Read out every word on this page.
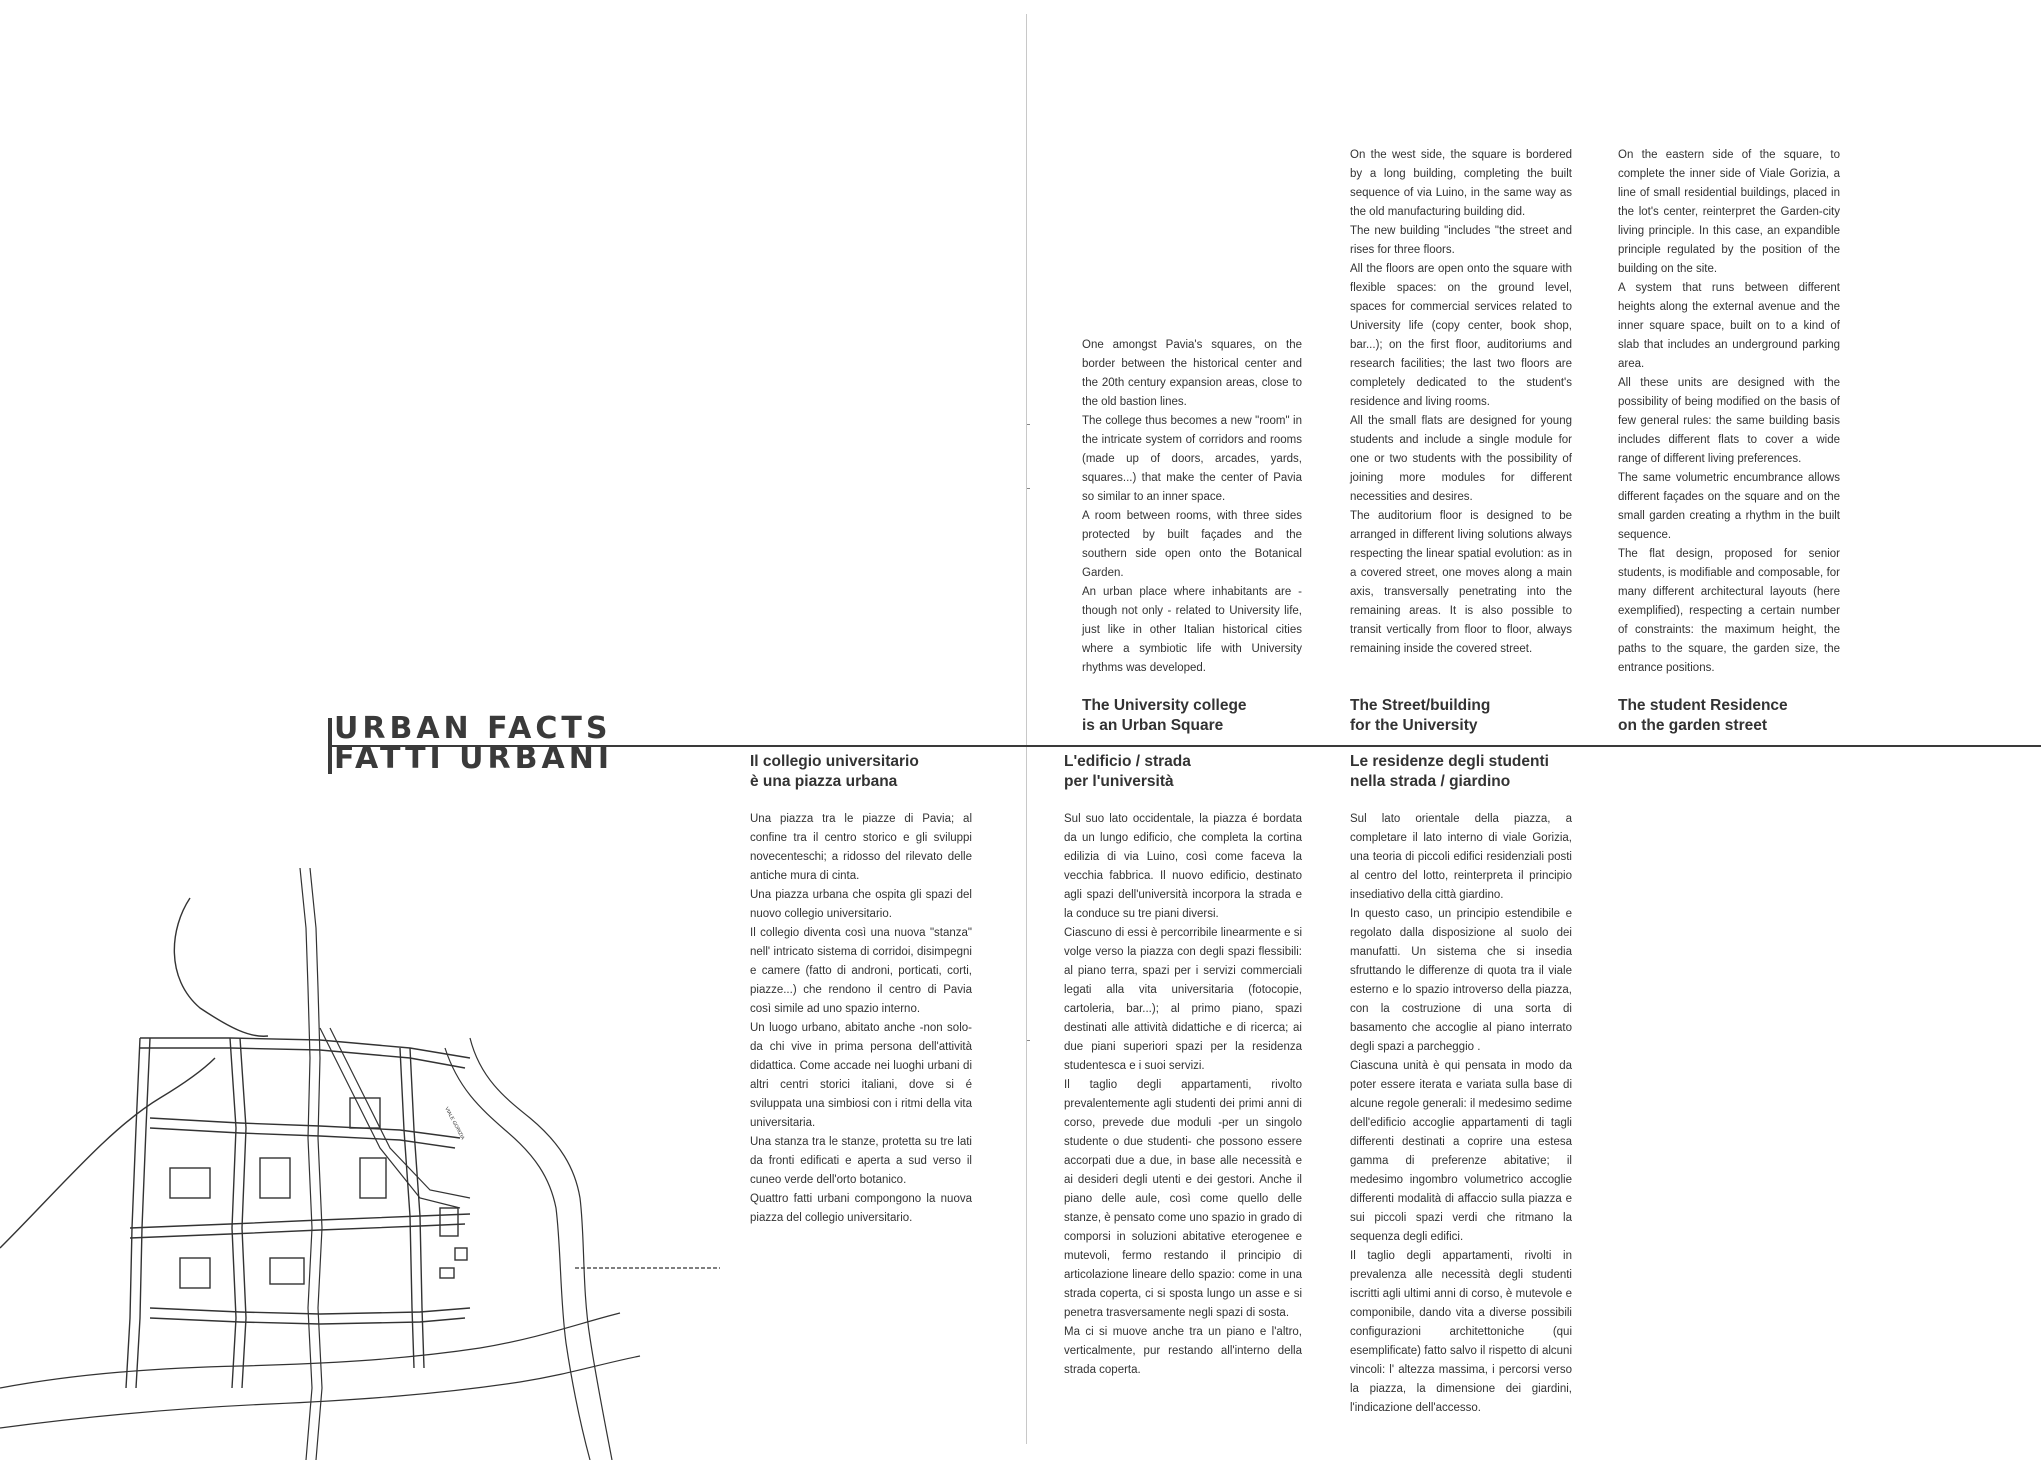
URBAN FACTS
FATTI URBANI

One amongst Pavia's squares, on the border between the historical center and the 20th century expansion areas, close to the old bastion lines.

The college thus becomes a new "room" in the intricate system of corridors and rooms (made up of doors, arcades, yards, squares...) that make the center of Pavia so similar to an inner space.

A room between rooms, with three sides protected by built façades and the southern side open onto the Botanical Garden.

An urban place where inhabitants are - though not only - related to University life, just like in other Italian historical cities where a symbiotic life with University rhythms was developed.

The University college
is an Urban Square

On the west side, the square is bordered by a long building, completing the built sequence of via Luino, in the same way as the old manufacturing building did.

The new building "includes "the street and rises for three floors.

All the floors are open onto the square with flexible spaces: on the ground level, spaces for commercial services related to University life (copy center, book shop, bar...); on the first floor, auditoriums and research facilities; the last two floors are completely dedicated to the student's residence and living rooms.

All the small flats are designed for young students and include a single module for one or two students with the possibility of joining more modules for different necessities and desires.

The auditorium floor is designed to be arranged in different living solutions always respecting the linear spatial evolution: as in a covered street, one moves along a main axis, transversally penetrating into the remaining areas. It is also possible to transit vertically from floor to floor, always remaining inside the covered street.

The Street/building
for the University

On the eastern side of the square, to complete the inner side of Viale Gorizia, a line of small residential buildings, placed in the lot's center, reinterpret the Garden-city living principle. In this case, an expandible principle regulated by the position of the building on the site.

A system that runs between different heights along the external avenue and the inner square space, built on to a kind of slab that includes an underground parking area.

All these units are designed with the possibility of being modified on the basis of few general rules: the same building basis includes different flats to cover a wide range of different living preferences.

The same volumetric encumbrance allows different façades on the square and on the small garden creating a rhythm in the built sequence.

The flat design, proposed for senior students, is modifiable and composable, for many different architectural layouts (here exemplified), respecting a certain number of constraints: the maximum height, the paths to the square, the garden size, the entrance positions.

The student Residence
on the garden street
Il collegio universitario
è una piazza urbana

Una piazza tra le piazze di Pavia; al confine tra il centro storico e gli sviluppi novecenteschi; a ridosso del rilevato delle antiche mura di cinta.

Una piazza urbana che ospita gli spazi del nuovo collegio universitario.

Il collegio diventa così una nuova "stanza" nell' intricato sistema di corridoi, disimpegni e camere (fatto di androni, porticati, corti, piazze...) che rendono il centro di Pavia così simile ad uno spazio interno.

Un luogo urbano, abitato anche -non solo- da chi vive in prima persona dell'attività didattica. Come accade nei luoghi urbani di altri centri storici italiani, dove si é sviluppata una simbiosi con i ritmi della vita universitaria.

Una stanza tra le stanze, protetta su tre lati da fronti edificati e aperta a sud verso il cuneo verde dell'orto botanico.

Quattro fatti urbani compongono la nuova piazza del collegio universitario.

L'edificio / strada
per l'università

Sul suo lato occidentale, la piazza é bordata da un lungo edificio, che completa la cortina edilizia di via Luino, così come faceva la vecchia fabbrica. Il nuovo edificio, destinato agli spazi dell'università incorpora la strada e la conduce su tre piani diversi.

Ciascuno di essi è percorribile linearmente e si volge verso la piazza con degli spazi flessibili: al piano terra, spazi per i servizi commerciali legati alla vita universitaria (fotocopie, cartoleria, bar...); al primo piano, spazi destinati alle attività didattiche e di ricerca; ai due piani superiori spazi per la residenza studentesca e i suoi servizi.

Il taglio degli appartamenti, rivolto prevalentemente agli studenti dei primi anni di corso, prevede due moduli -per un singolo studente o due studenti- che possono essere accorpati due a due, in base alle necessità e ai desideri degli utenti e dei gestori. Anche il piano delle aule, così come quello delle stanze, è pensato come uno spazio in grado di comporsi in soluzioni abitative eterogenee e mutevoli, fermo restando il principio di articolazione lineare dello spazio: come in una strada coperta, ci si sposta lungo un asse e si penetra trasversamente negli spazi di sosta.

Ma ci si muove anche tra un piano e l'altro, verticalmente, pur restando all'interno della strada coperta.

Le residenze degli studenti
nella strada / giardino

Sul lato orientale della piazza, a completare il lato interno di viale Gorizia, una teoria di piccoli edifici residenziali posti al centro del lotto, reinterpreta il principio insediativo della città giardino.

In questo caso, un principio estendibile e regolato dalla disposizione al suolo dei manufatti. Un sistema che si insedia sfruttando le differenze di quota tra il viale esterno e lo spazio introverso della piazza, con la costruzione di una sorta di basamento che accoglie al piano interrato degli spazi a parcheggio .

Ciascuna unità è qui pensata in modo da poter essere iterata e variata sulla base di alcune regole generali: il medesimo sedime dell'edificio accoglie appartamenti di tagli differenti destinati a coprire una estesa gamma di preferenze abitative; il medesimo ingombro volumetrico accoglie differenti modalità di affaccio sulla piazza e sui piccoli spazi verdi che ritmano la sequenza degli edifici.

Il taglio degli appartamenti, rivolti in prevalenza alle necessità degli studenti iscritti agli ultimi anni di corso, è mutevole e componibile, dando vita a diverse possibili configurazioni architettoniche (qui esemplificate) fatto salvo il rispetto di alcuni vincoli: l' altezza massima, i percorsi verso la piazza, la dimensione dei giardini, l'indicazione dell'accesso.

VIALE GORIZIA
